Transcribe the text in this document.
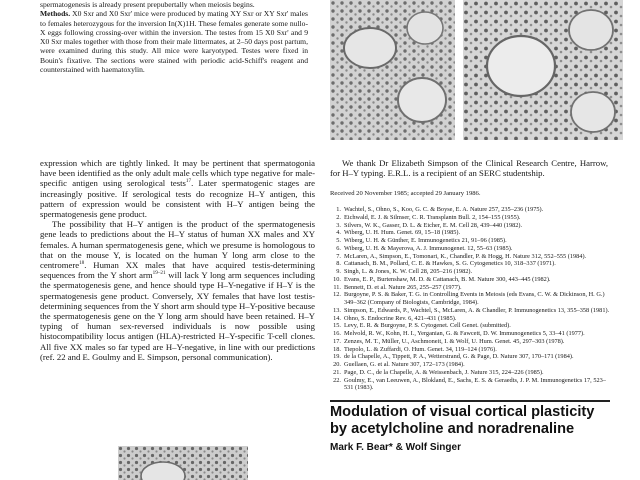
spermatogenesis is already present prepubertally when meiosis begins.

Methods. X0 Sxr and X0 Sxr' mice were produced by mating XY Sxr or XY Sxr' males to females heterozygous for the inversion In(X)1H. These females generate some nullo-X eggs following crossing-over within the inversion. The testes from 15 X0 Sxr' and 9 X0 Sxr males together with those from their male littermates, at 2–50 days post partum, were examined during this study. All mice were karyotyped. Testes were fixed in Bouin's fixative. The sections were stained with periodic acid-Schiff's reagent and counterstained with haematoxylin.

expression which are tightly linked. It may be pertinent that spermatogonia have been identified as the only adult male cells which type negative for male-specific antigen using serological tests$^{17}$. Later spermatogenic stages are increasingly positive. If serological tests do recognize H–Y antigen, this pattern of expression would be consistent with H–Y antigen being the spermatogenesis gene product.

The possibility that H–Y antigen is the product of the spermatogenesis gene leads to predictions about the H–Y status of human XX males and XY females. A human spermatogenesis gene, which we presume is homologous to that on the mouse Y, is located on the human Y long arm close to the centromere$^{18}$. Human XX males that have acquired testis-determining sequences from the Y short arm$^{19-21}$ will lack Y long arm sequences including the spermatogenesis gene, and hence should type H–Y-negative if H–Y is the spermatogenesis gene product. Conversely, XY females that have lost testis-determining sequences from the Y short arm should type H–Y-positive because the spermatogenesis gene on the Y long arm should have been retained. H–Y typing of human sex-reversed individuals is now possible using histocompatibility locus antigen (HLA)-restricted H–Y-specific T-cell clones. All five XX males so far typed are H–Y-negative, in line with our predictions (ref. 22 and E. Goulmy and E. Simpson, personal communication).

We thank Dr Elizabeth Simpson of the Clinical Research Centre, Harrow, for H–Y typing. E.R.L. is a recipient of an SERC studentship.
Received 20 November 1985; accepted 29 January 1986.
1. Wachtel, S., Ohno, S., Koo, G. C. & Boyse, E. A. Nature 257, 235–236 (1975).
2. Eichwald, E. J. & Silmser, C. R. Transplantn Bull. 2, 154–155 (1955).
3. Silvers, W. K., Gasser, D. L. & Eicher, E. M. Cell 28, 439–440 (1982).
4. Wiberg, U. H. Hum. Genet. 69, 15–18 (1985).
5. Wiberg, U. H. & Günther, E. Immunogenetics 21, 91–96 (1985).
6. Wiberg, U. H. & Mayerova, A. J. Immunogenet. 12, 55–63 (1985).
7. McLaren, A., Simpson, E., Tomonari, K., Chandler, P. & Hogg, H. Nature 312, 552–555 (1984).
8. Cattanach, B. M., Pollard, C. E. & Hawkes, S. G. Cytogenetics 10, 318–337 (1971).
9. Singh, L. & Jones, K. W. Cell 28, 205–216 (1982).
10. Evans, E. P., Burtenshaw, M. D. & Cattanach, B. M. Nature 300, 443–445 (1982).
11. Bennett, D. et al. Nature 265, 255–257 (1977).
12. Burgoyne, P. S. & Baker, T. G. in Controlling Events in Meiosis (eds Evans, C. W. & Dickinson, H. G.) 349–362 (Company of Biologists, Cambridge, 1984).
13. Simpson, E., Edwards, P., Wachtel, S., McLaren, A. & Chandler, P. Immunogenetics 13, 355–358 (1981).
14. Ohno, S. Endocrine Rev. 6, 421–431 (1985).
15. Levy, E. R. & Burgoyne, P. S. Cytogenet. Cell Genet. (submitted).
16. Melvold, R. W., Kohn, H. I., Yerganian, G. & Fawcett, D. W. Immunogenetics 5, 33–41 (1977).
17. Zenzes, M. T., Müller, U., Aschmoneit, I. & Wolf, U. Hum. Genet. 45, 297–303 (1978).
18. Tiepolo, L. & Zuffardi, O. Hum. Genet. 34, 119–124 (1976).
19. de la Chapelle, A., Tippett, P. A., Wetterstrand, G. & Page, D. Nature 307, 170–171 (1984).
20. Guellaen, G. et al. Nature 307, 172–173 (1984).
21. Page, D. C., de la Chapelle, A. & Weissenbach, J. Nature 315, 224–226 (1985).
22. Goulmy, E., van Leeuwen, A., Blokland, E., Sachs, E. S. & Geraedts, J. P. M. Immunogenetics 17, 523–531 (1983).
Modulation of visual cortical plasticity by acetylcholine and noradrenaline
Mark F. Bear* & Wolf Singer
